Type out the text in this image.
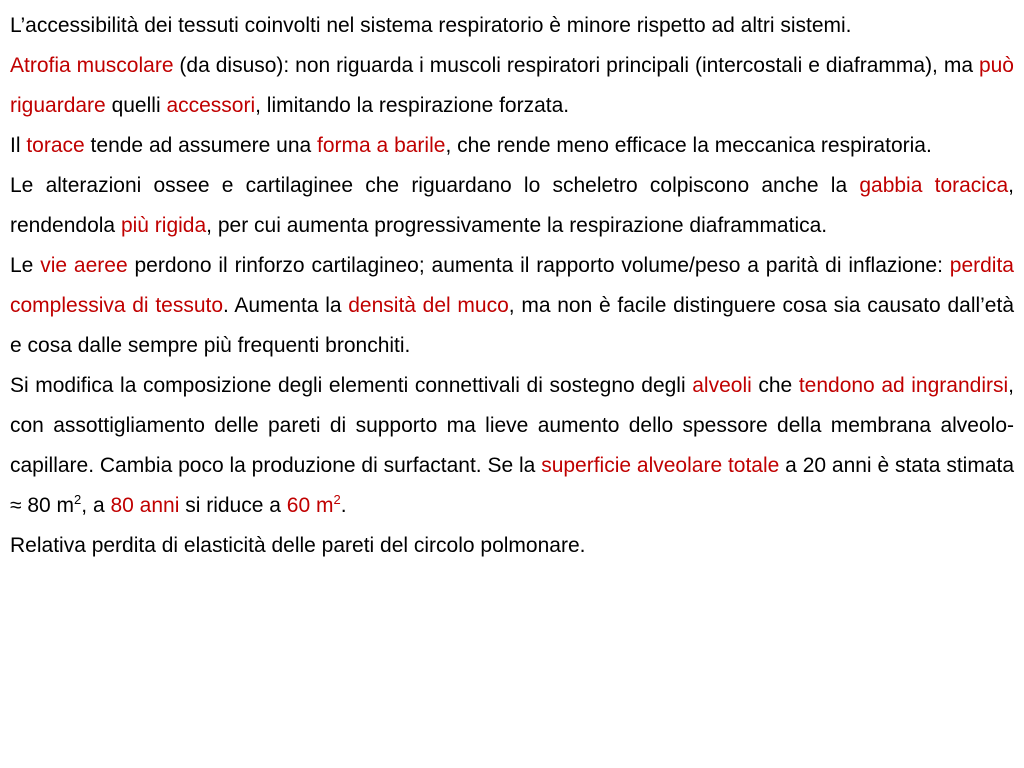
L’accessibilità dei tessuti coinvolti nel sistema respiratorio è minore rispetto ad altri sistemi.

Atrofia muscolare (da disuso): non riguarda i muscoli respiratori principali (intercostali e diaframma), ma può riguardare quelli accessori, limitando la respirazione forzata.

Il torace tende ad assumere una forma a barile, che rende meno efficace la meccanica respiratoria.

Le alterazioni ossee e cartilaginee che riguardano lo scheletro colpiscono anche la gabbia toracica, rendendola più rigida, per cui aumenta progressivamente la respirazione diaframmatica.

Le vie aeree perdono il rinforzo cartilagineo; aumenta il rapporto volume/peso a parità di inflazione: perdita complessiva di tessuto. Aumenta la densità del muco, ma non è facile distinguere cosa sia causato dall’età e cosa dalle sempre più frequenti bronchiti.

Si modifica la composizione degli elementi connettivali di sostegno degli alveoli che tendono ad ingrandirsi, con assottigliamento delle pareti di supporto ma lieve aumento dello spessore della membrana alveolo-capillare. Cambia poco la produzione di surfactant. Se la superficie alveolare totale a 20 anni è stata stimata ≈ 80 $m^2$, a 80 anni si riduce a 60 $m^2$.

Relativa perdita di elasticità delle pareti del circolo polmonare.
